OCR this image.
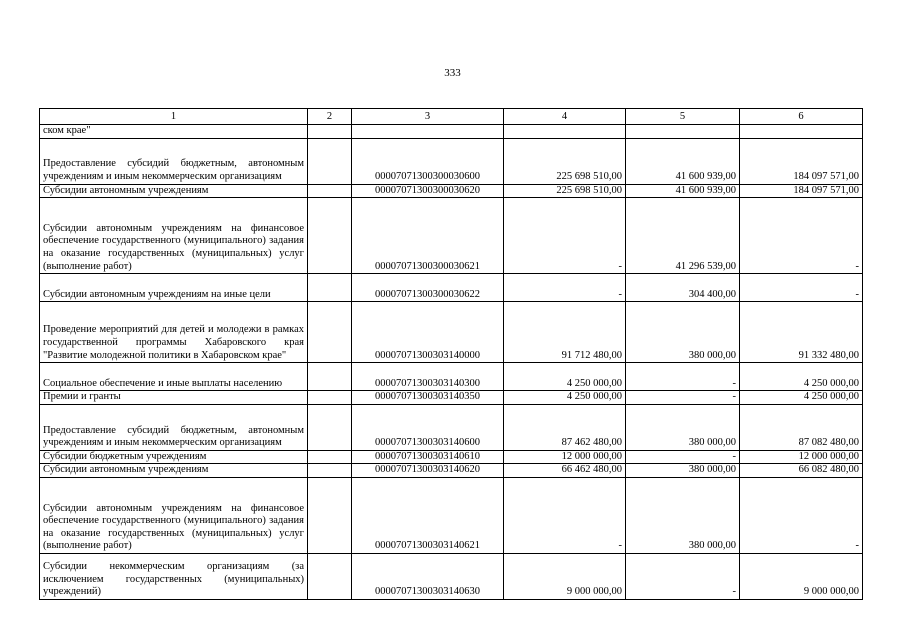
333
1	2	3	4	5	6
ском крае"					
Предоставление субсидий бюджетным, автономным учреждениям и иным некоммерческим организациям		00007071300300030600	225 698 510,00	41 600 939,00	184 097 571,00
Субсидии автономным учреждениям		00007071300300030620	225 698 510,00	41 600 939,00	184 097 571,00
Субсидии автономным учреждениям на финансовое обеспечение государственного (муниципального) задания на оказание государственных (муниципальных) услуг (выполнение работ)		00007071300300030621	-	41 296 539,00	-
Субсидии автономным учреждениям на иные цели		00007071300300030622	-	304 400,00	-
Проведение мероприятий для детей и молодежи в рамках государственной программы Хабаровского края "Развитие молодежной политики в Хабаровском крае"		00007071300303140000	91 712 480,00	380 000,00	91 332 480,00
Социальное обеспечение и иные выплаты населению		00007071300303140300	4 250 000,00	-	4 250 000,00
Премии и гранты		00007071300303140350	4 250 000,00	-	4 250 000,00
Предоставление субсидий бюджетным, автономным учреждениям и иным некоммерческим организациям		00007071300303140600	87 462 480,00	380 000,00	87 082 480,00
Субсидии бюджетным учреждениям		00007071300303140610	12 000 000,00	-	12 000 000,00
Субсидии автономным учреждениям		00007071300303140620	66 462 480,00	380 000,00	66 082 480,00
Субсидии автономным учреждениям на финансовое обеспечение государственного (муниципального) задания на оказание государственных (муниципальных) услуг (выполнение работ)		00007071300303140621	-	380 000,00	-
Субсидии некоммерческим организациям (за исключением государственных (муниципальных) учреждений)		00007071300303140630	9 000 000,00	-	9 000 000,00
